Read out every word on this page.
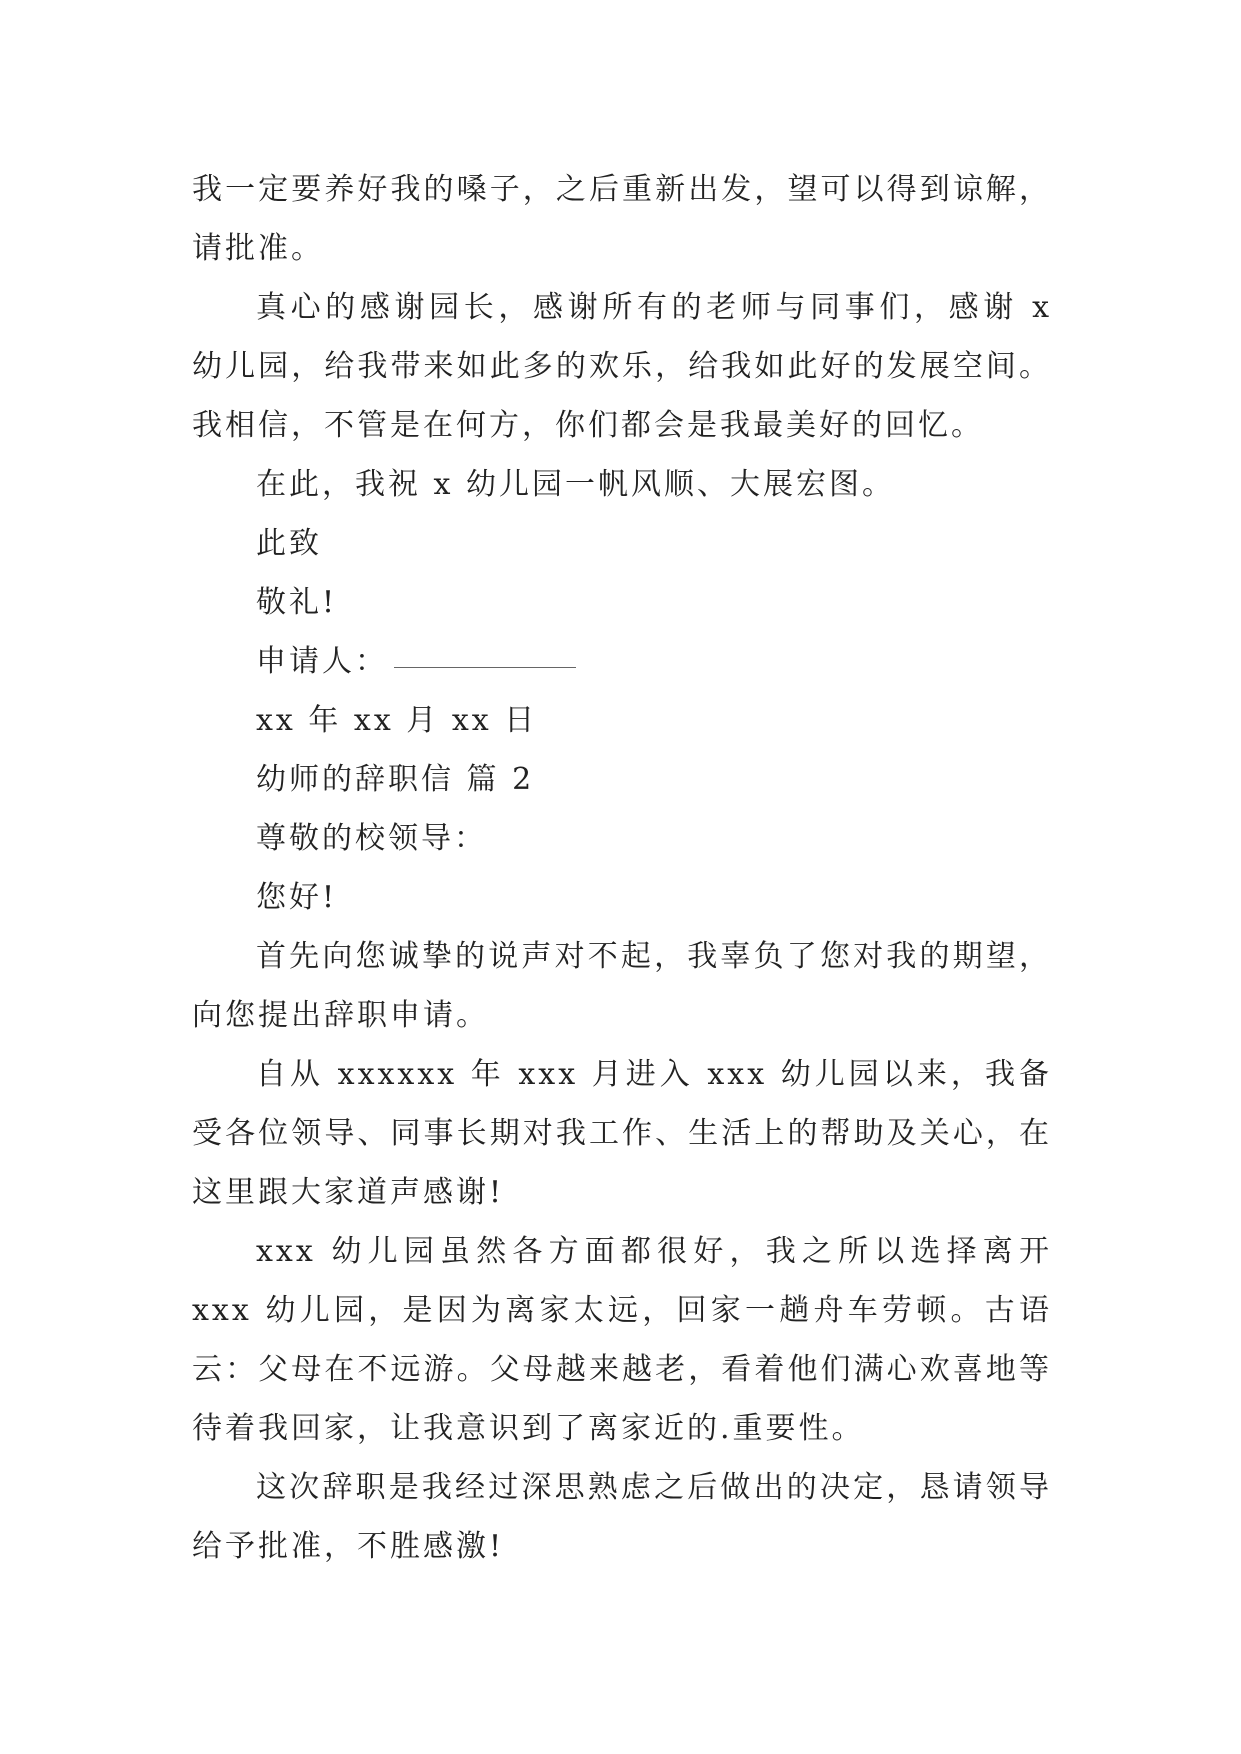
我一定要养好我的嗓子，之后重新出发，望可以得到谅解，请批准。

真心的感谢园长，感谢所有的老师与同事们，感谢 x 幼儿园，给我带来如此多的欢乐，给我如此好的发展空间。我相信，不管是在何方，你们都会是我最美好的回忆。

在此，我祝 x 幼儿园一帆风顺、大展宏图。

此致

敬礼!

申请人：

xx 年 xx 月 xx 日

幼师的辞职信 篇 2

尊敬的校领导：

您好!

首先向您诚挚的说声对不起，我辜负了您对我的期望，向您提出辞职申请。

自从 xxxxxx 年 xxx 月进入 xxx 幼儿园以来，我备受各位领导、同事长期对我工作、生活上的帮助及关心，在这里跟大家道声感谢!

xxx 幼儿园虽然各方面都很好，我之所以选择离开 xxx 幼儿园，是因为离家太远，回家一趟舟车劳顿。古语云：父母在不远游。父母越来越老，看着他们满心欢喜地等待着我回家，让我意识到了离家近的.重要性。

这次辞职是我经过深思熟虑之后做出的决定，恳请领导给予批准，不胜感激!
